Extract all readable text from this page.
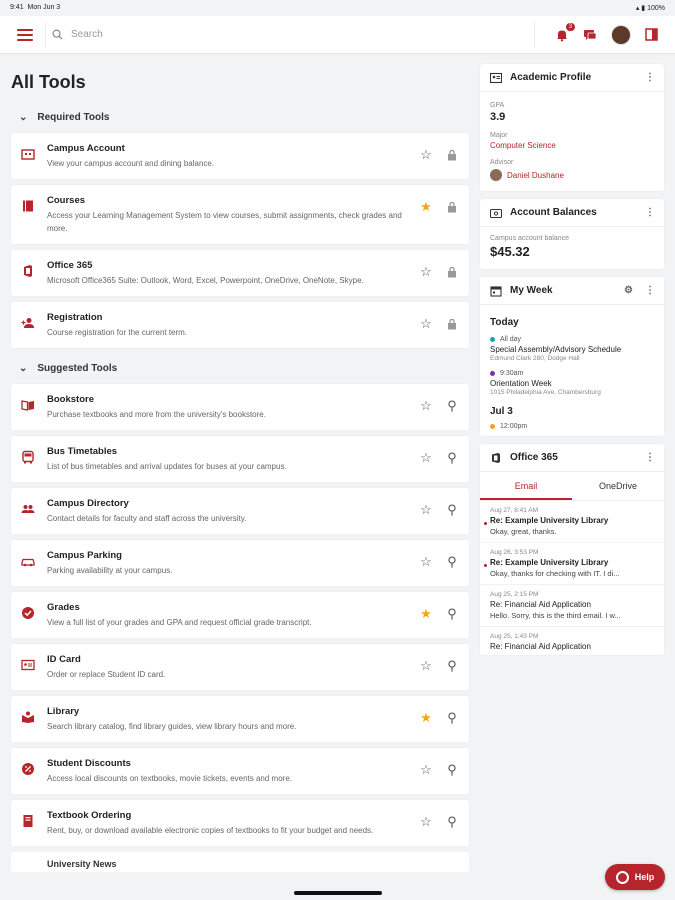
9:41 Mon Jun 3	▴ ▮ 100%
Search
3
All Tools
⌄ Required Tools
Campus Account
View your campus account and dining balance.
☆
Courses
Access your Learning Management System to view courses, submit assignments, check grades and more.
★
Office 365
Microsoft Office365 Suite: Outlook, Word, Excel, Powerpoint, OneDrive, OneNote, Skype.
☆
Registration
Course registration for the current term.
☆
⌄ Suggested Tools
Bookstore
Purchase textbooks and more from the university's bookstore.
☆ ⚲
Bus Timetables
List of bus timetables and arrival updates for buses at your campus.
☆ ⚲
Campus Directory
Contact details for faculty and staff across the university.
☆ ⚲
Campus Parking
Parking availability at your campus.
☆ ⚲
Grades
View a full list of your grades and GPA and request official grade transcript.
★ ⚲
ID Card
Order or replace Student ID card.
☆ ⚲
Library
Search library catalog, find library guides, view library hours and more.
★ ⚲
Student Discounts
Access local discounts on textbooks, movie tickets, events and more.
☆ ⚲
Textbook Ordering
Rent, buy, or download available electronic copies of textbooks to fit your budget and needs.
☆ ⚲
University News
Academic Profile	⋮
GPA
3.9
Major
Computer Science
Advisor
Daniel Dushane
Account Balances	⋮
Campus account balance
$45.32
My Week	⚙ ⋮
Today
All day
Special Assembly/Advisory Schedule
Edmund Clark 280, Dodge Hall
9:30am
Orientation Week
1015 Philadelphia Ave, Chambersburg
Jul 3
12:00pm
Office 365	⋮
Email	OneDrive
Aug 27, 8:41 AM
Re: Example University Library
Okay, great, thanks.
Aug 26, 3:53 PM
Re: Example University Library
Okay, thanks for checking with IT. I di...
Aug 25, 2:15 PM
Re: Financial Aid Application
Hello. Sorry, this is the third email. I w...
Aug 25, 1:43 PM
Re: Financial Aid Application
Help
